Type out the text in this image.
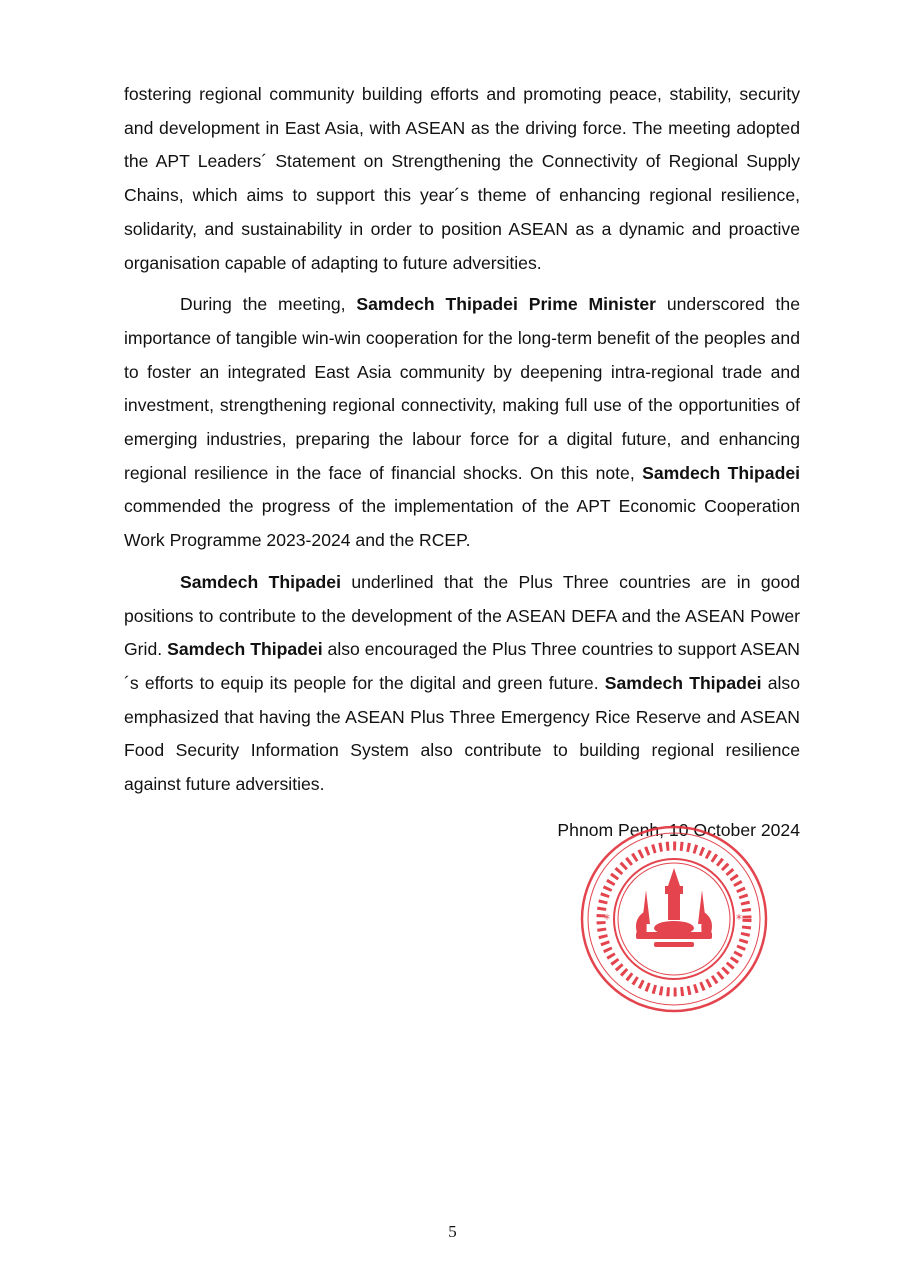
fostering regional community building efforts and promoting peace, stability, security and development in East Asia, with ASEAN as the driving force. The meeting adopted the APT Leaders´ Statement on Strengthening the Connectivity of Regional Supply Chains, which aims to support this year´s theme of enhancing regional resilience, solidarity, and sustainability in order to position ASEAN as a dynamic and proactive organisation capable of adapting to future adversities.

During the meeting, Samdech Thipadei Prime Minister underscored the importance of tangible win-win cooperation for the long-term benefit of the peoples and to foster an integrated East Asia community by deepening intra-regional trade and investment, strengthening regional connectivity, making full use of the opportunities of emerging industries, preparing the labour force for a digital future, and enhancing regional resilience in the face of financial shocks. On this note, Samdech Thipadei commended the progress of the implementation of the APT Economic Cooperation Work Programme 2023-2024 and the RCEP.

Samdech Thipadei underlined that the Plus Three countries are in good positions to contribute to the development of the ASEAN DEFA and the ASEAN Power Grid. Samdech Thipadei also encouraged the Plus Three countries to support ASEAN´s efforts to equip its people for the digital and green future. Samdech Thipadei also emphasized that having the ASEAN Plus Three Emergency Rice Reserve and ASEAN Food Security Information System also contribute to building regional resilience against future adversities.

Phnom Penh, 10 October 2024
*	*
5
